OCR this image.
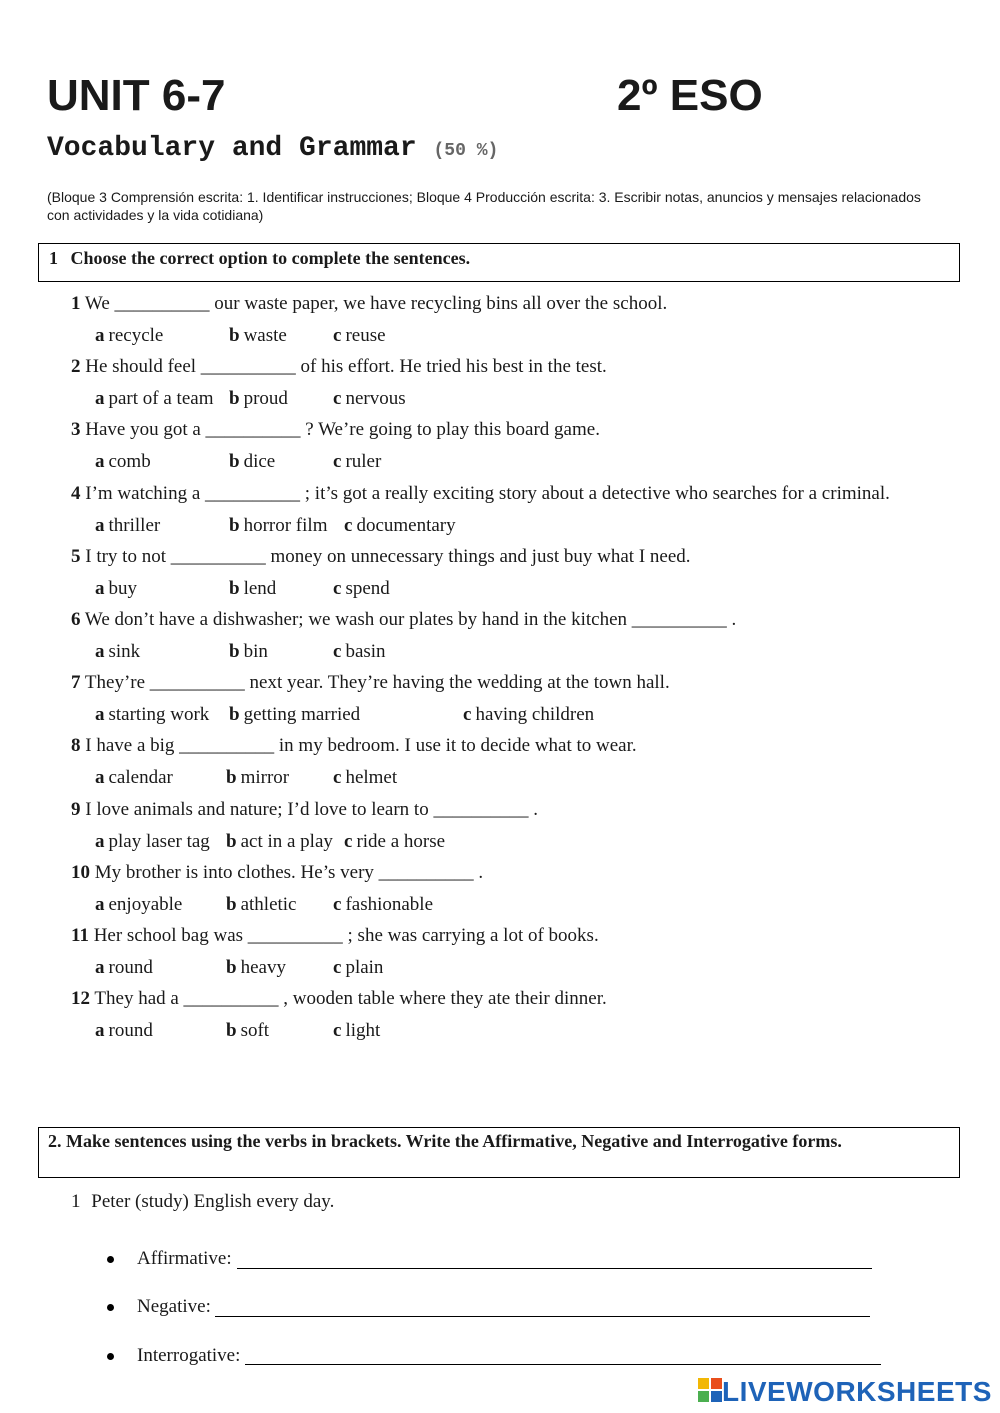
UNIT 6-7	2º ESO
Vocabulary and Grammar (50 %)
(Bloque 3 Comprensión escrita: 1. Identificar instrucciones; Bloque 4 Producción escrita: 3. Escribir notas, anuncios y mensajes relacionados con actividades y la vida cotidiana)
1 Choose the correct option to complete the sentences.
1 We __________ our waste paper, we have recycling bins all over the school.
a recycle	b waste c reuse
2 He should feel __________ of his effort. He tried his best in the test.
a part of a team b proud c nervous
3 Have you got a __________ ? We’re going to play this board game.
a comb	b dice	c ruler
4 I’m watching a __________ ; it’s got a really exciting story about a detective who searches for a criminal.
a thriller	b horror film c documentary
5 I try to not __________ money on unnecessary things and just buy what I need.
a buy	b lend	c spend
6 We don’t have a dishwasher; we wash our plates by hand in the kitchen __________ .
a sink	b bin	c basin
7 They’re __________ next year. They’re having the wedding at the town hall.
a starting work b getting married	c having children
8 I have a big __________ in my bedroom. I use it to decide what to wear.
a calendar	b mirror c helmet
9 I love animals and nature; I’d love to learn to __________ .
a play laser tag b act in a play c ride a horse
10 My brother is into clothes. He’s very __________ .
a enjoyable b athletic c fashionable
11 Her school bag was __________ ; she was carrying a lot of books.
a round	b heavy c plain
12 They had a __________ , wooden table where they ate their dinner.
a round	b soft	c light
2. Make sentences using the verbs in brackets. Write the Affirmative, Negative and Interrogative forms.
1 Peter (study) English every day.
Affirmative:
Negative:
Interrogative:
LIVEWORKSHEETS
